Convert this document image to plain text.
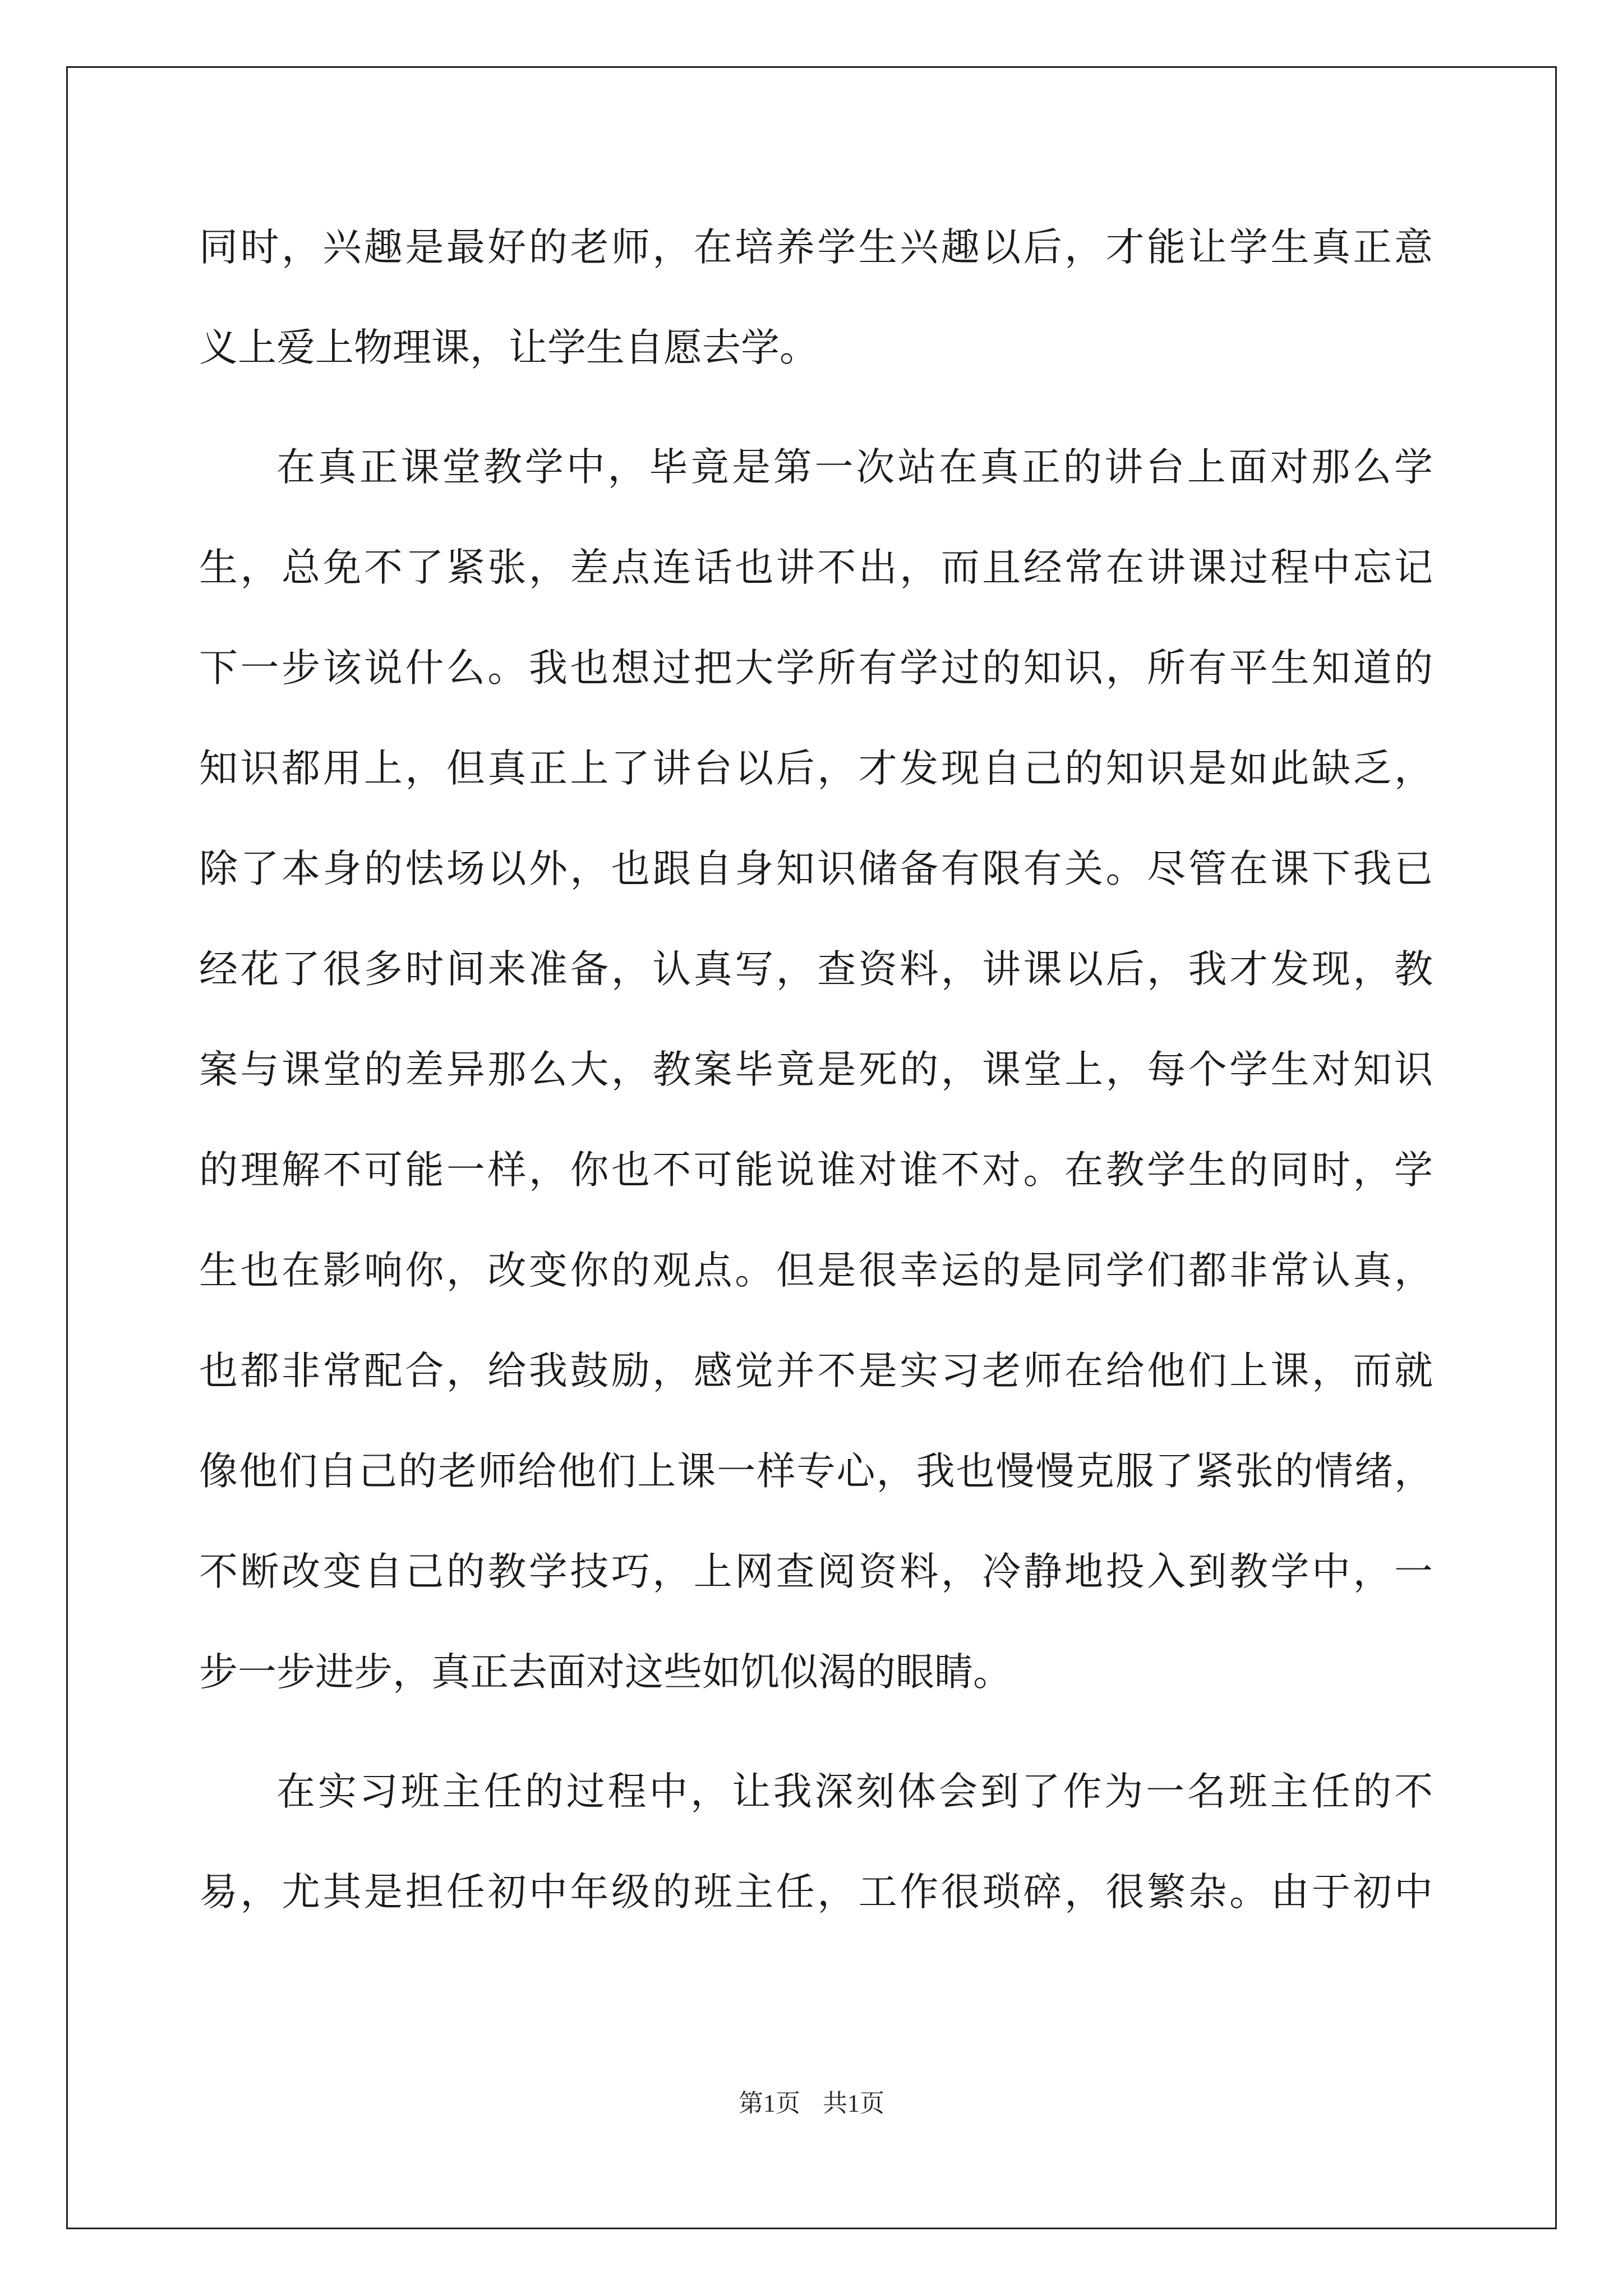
同时，兴趣是最好的老师，在培养学生兴趣以后，才能让学生真正意
义上爱上物理课，让学生自愿去学。
在真正课堂教学中，毕竟是第一次站在真正的讲台上面对那么学
生，总免不了紧张，差点连话也讲不出，而且经常在讲课过程中忘记
下一步该说什么。我也想过把大学所有学过的知识，所有平生知道的
知识都用上，但真正上了讲台以后，才发现自己的知识是如此缺乏，
除了本身的怯场以外，也跟自身知识储备有限有关。尽管在课下我已
经花了很多时间来准备，认真写，查资料，讲课以后，我才发现，教
案与课堂的差异那么大，教案毕竟是死的，课堂上，每个学生对知识
的理解不可能一样，你也不可能说谁对谁不对。在教学生的同时，学
生也在影响你，改变你的观点。但是很幸运的是同学们都非常认真，
也都非常配合，给我鼓励，感觉并不是实习老师在给他们上课，而就
像他们自己的老师给他们上课一样专心，我也慢慢克服了紧张的情绪，
不断改变自己的教学技巧，上网查阅资料，冷静地投入到教学中，一
步一步进步，真正去面对这些如饥似渴的眼睛。
在实习班主任的过程中，让我深刻体会到了作为一名班主任的不
易，尤其是担任初中年级的班主任，工作很琐碎，很繁杂。由于初中
第1页 共1页
